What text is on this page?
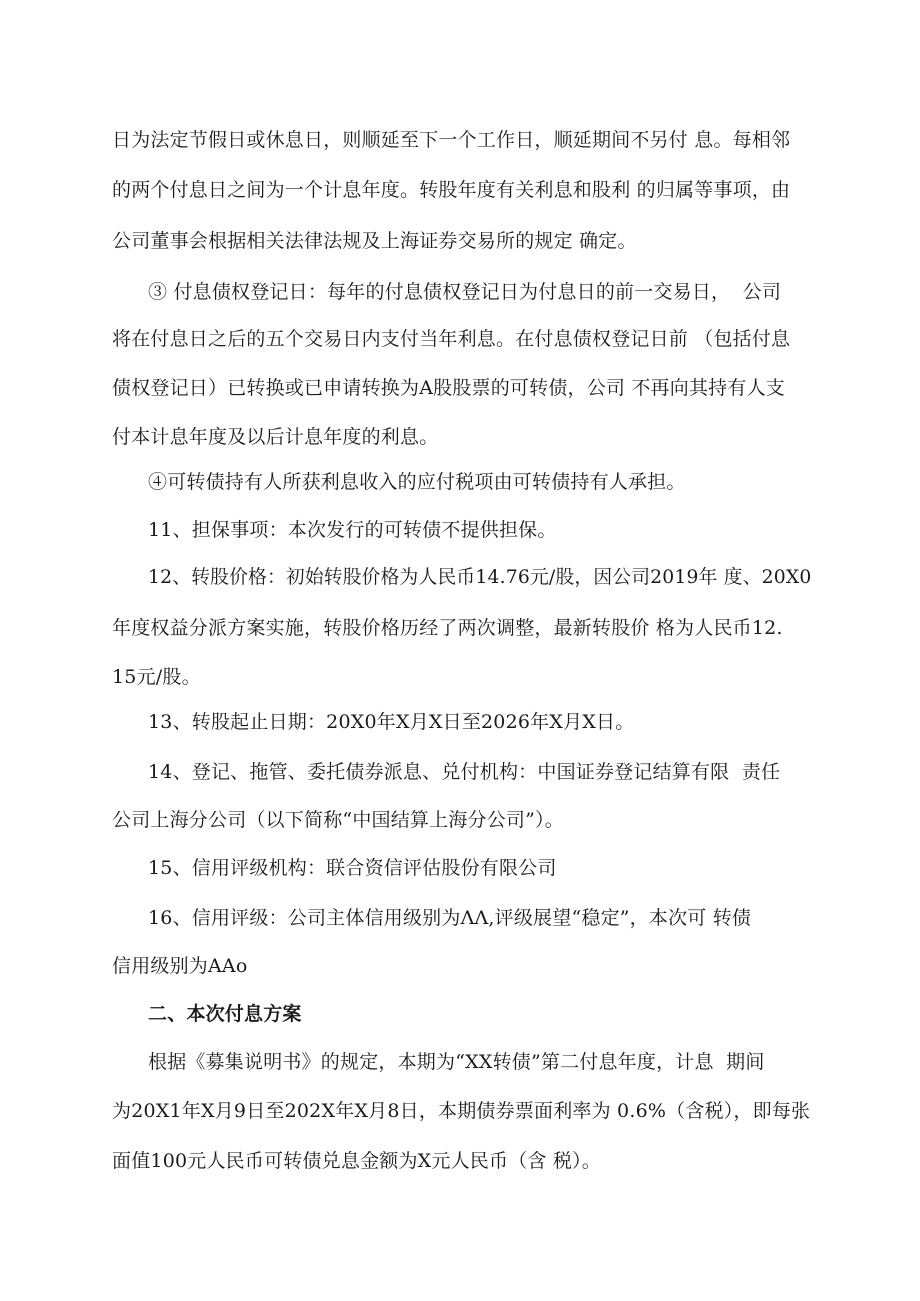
日为法定节假日或休息日，则顺延至下一个工作日，顺延期间不另付 息。每相邻
的两个付息日之间为一个计息年度。转股年度有关利息和股利 的归属等事项，由
公司董事会根据相关法律法规及上海证券交易所的规定 确定。
③ 付息债权登记日：每年的付息债权登记日为付息日的前一交易日，  公司
将在付息日之后的五个交易日内支付当年利息。在付息债权登记日前 （包括付息
债权登记日）已转换或已申请转换为A股股票的可转债，公司 不再向其持有人支
付本计息年度及以后计息年度的利息。
④可转债持有人所获利息收入的应付税项由可转债持有人承担。
11、担保事项：本次发行的可转债不提供担保。
12、转股价格：初始转股价格为人民币14.76元/股，因公司2019年 度、20X0
年度权益分派方案实施，转股价格历经了两次调整，最新转股价 格为人民币12.
15元/股。
13、转股起止日期：20X0年X月X日至2026年X月X日。
14、登记、拖管、委托债券派息、兑付机构：中国证券登记结算有限  责任
公司上海分公司（以下简称“中国结算上海分公司”）。
15、信用评级机构：联合资信评估股份有限公司
16、信用评级：公司主体信用级别为ΛΛ,评级展望“稳定”，本次可 转债
信用级别为AAo
二、本次付息方案
根据《募集说明书》的规定，本期为“XX转债”第二付息年度，计息  期间
为20X1年X月9日至202X年X月8日，本期债券票面利率为 0.6%（含税），即每张
面值100元人民币可转债兑息金额为X元人民币（含 税）。
